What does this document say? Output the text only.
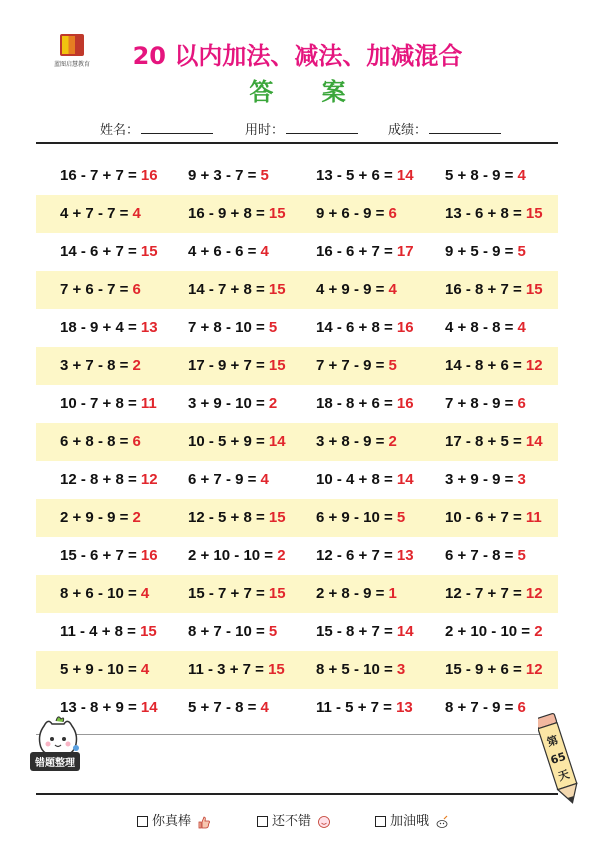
蓝图启慧教育	20 以内加法、减法、加减混合
答 案
姓名：	用时：	成绩：
16 - 7 + 7 = 16 9 + 3 - 7 = 5	13 - 5 + 6 = 14 5 + 8 - 9 = 4
4 + 7 - 7 = 4	16 - 9 + 8 = 15 9 + 6 - 9 = 6	13 - 6 + 8 = 15
14 - 6 + 7 = 15 4 + 6 - 6 = 4	16 - 6 + 7 = 17 9 + 5 - 9 = 5
7 + 6 - 7 = 6	14 - 7 + 8 = 15 4 + 9 - 9 = 4	16 - 8 + 7 = 15
18 - 9 + 4 = 13 7 + 8 - 10 = 5	14 - 6 + 8 = 16 4 + 8 - 8 = 4
3 + 7 - 8 = 2	17 - 9 + 7 = 15 7 + 7 - 9 = 5	14 - 8 + 6 = 12
10 - 7 + 8 = 11 3 + 9 - 10 = 2	18 - 8 + 6 = 16 7 + 8 - 9 = 6
6 + 8 - 8 = 6	10 - 5 + 9 = 14 3 + 8 - 9 = 2	17 - 8 + 5 = 14
12 - 8 + 8 = 12 6 + 7 - 9 = 4	10 - 4 + 8 = 14 3 + 9 - 9 = 3
2 + 9 - 9 = 2	12 - 5 + 8 = 15 6 + 9 - 10 = 5	10 - 6 + 7 = 11
15 - 6 + 7 = 16 2 + 10 - 10 = 2 12 - 6 + 7 = 13 6 + 7 - 8 = 5
8 + 6 - 10 = 4	15 - 7 + 7 = 15 2 + 8 - 9 = 1	12 - 7 + 7 = 12
11 - 4 + 8 = 15 8 + 7 - 10 = 5	15 - 8 + 7 = 14 2 + 10 - 10 = 2
5 + 9 - 10 = 4	11 - 3 + 7 = 15 8 + 5 - 10 = 3	15 - 9 + 6 = 12
13 - 8 + 9 = 14 5 + 7 - 8 = 4	11 - 5 + 7 = 13 8 + 7 - 9 = 6
错题整理
第
65
天
你真棒	还不错	加油哦
